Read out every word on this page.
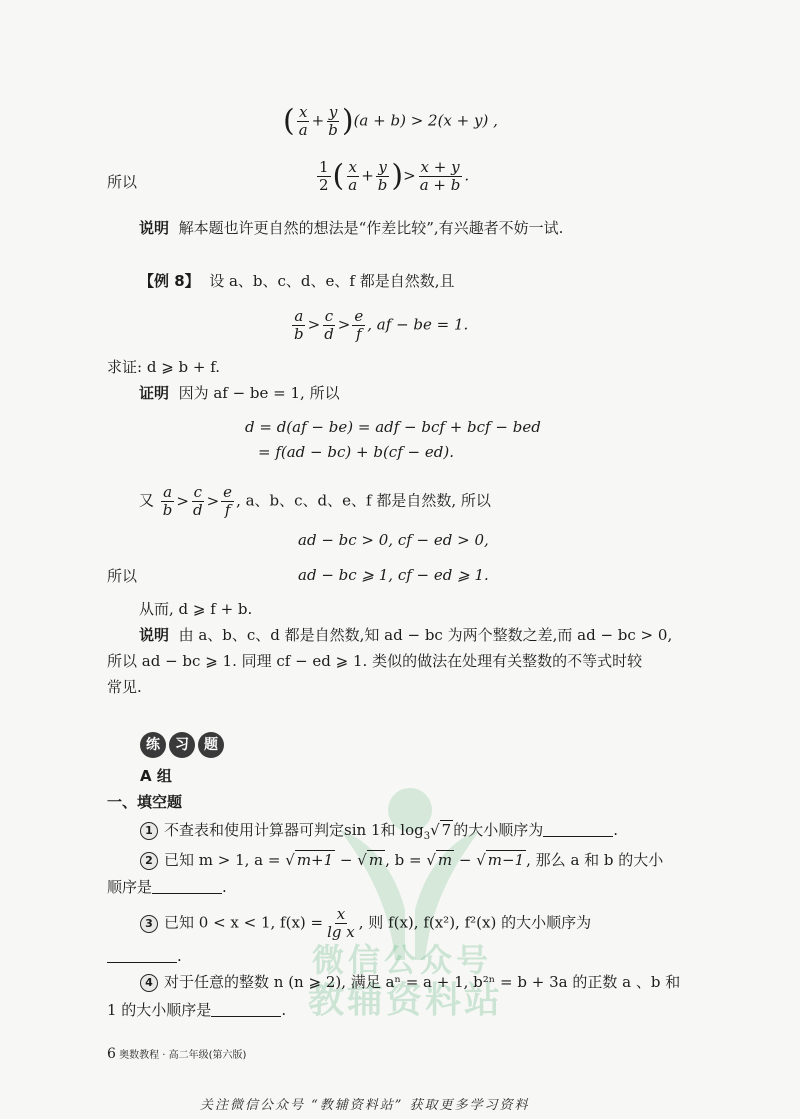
微信公众号
教辅资料站
( $\frac{x}{a} + \frac{y}{b} )(a + b) > 2(x + y)$ ,
所以	$\frac{1}{2}$ ( $\frac{x}{a} + \frac{y}{b}$ )> $\frac{x + y}{a + b}$ .
说明 解本题也许更自然的想法是“作差比较”,有兴趣者不妨一试.
【例 8】 设 a、b、c、d、e、f 都是自然数,且
$\frac{a}{b} > \frac{c}{d} > \frac{e}{f}$ , af − be = 1.
求证: d ⩾ b + f.
证明 因为 af − be = 1, 所以
d = d(af − be) = adf − bcf + bcf − bed
= f(ad − bc) + b(cf − ed).
又 $\frac{a}{b} > \frac{c}{d} > \frac{e}{f}$ , a、b、c、d、e、f 都是自然数, 所以
ad − bc > 0, cf − ed > 0,
所以	ad − bc ⩾ 1, cf − ed ⩾ 1.
从而, d ⩾ f + b.
说明 由 a、b、c、d 都是自然数,知 ad − bc 为两个整数之差,而 ad − bc > 0,
所以 ad − bc ⩾ 1. 同理 cf − ed ⩾ 1. 类似的做法在处理有关整数的不等式时较
常见.
练 习 题
A 组
一、填空题
1 不查表和使用计算器可判定sin 1和 $\log_3√$ 7 的大小顺序为	.
2 已知 m > 1, a = √ m+1 − √ m , b = √ m − √ m−1 , 那么 a 和 b 的大小
顺序是	.
3 已知 0 < x < 1, $f(x) = \frac{x}{\text{lg x}}$ , 则 f(x), f(x²), f²(x) 的大小顺序为
.
4 对于任意的整数 n (n ⩾ 2), 满足 aⁿ = a + 1, b²ⁿ = b + 3a 的正数 a 、b 和
1 的大小顺序是	.
6 奥数教程 · 高二年级(第六版)
关注微信公众号 “教辅资料站” 获取更多学习资料
